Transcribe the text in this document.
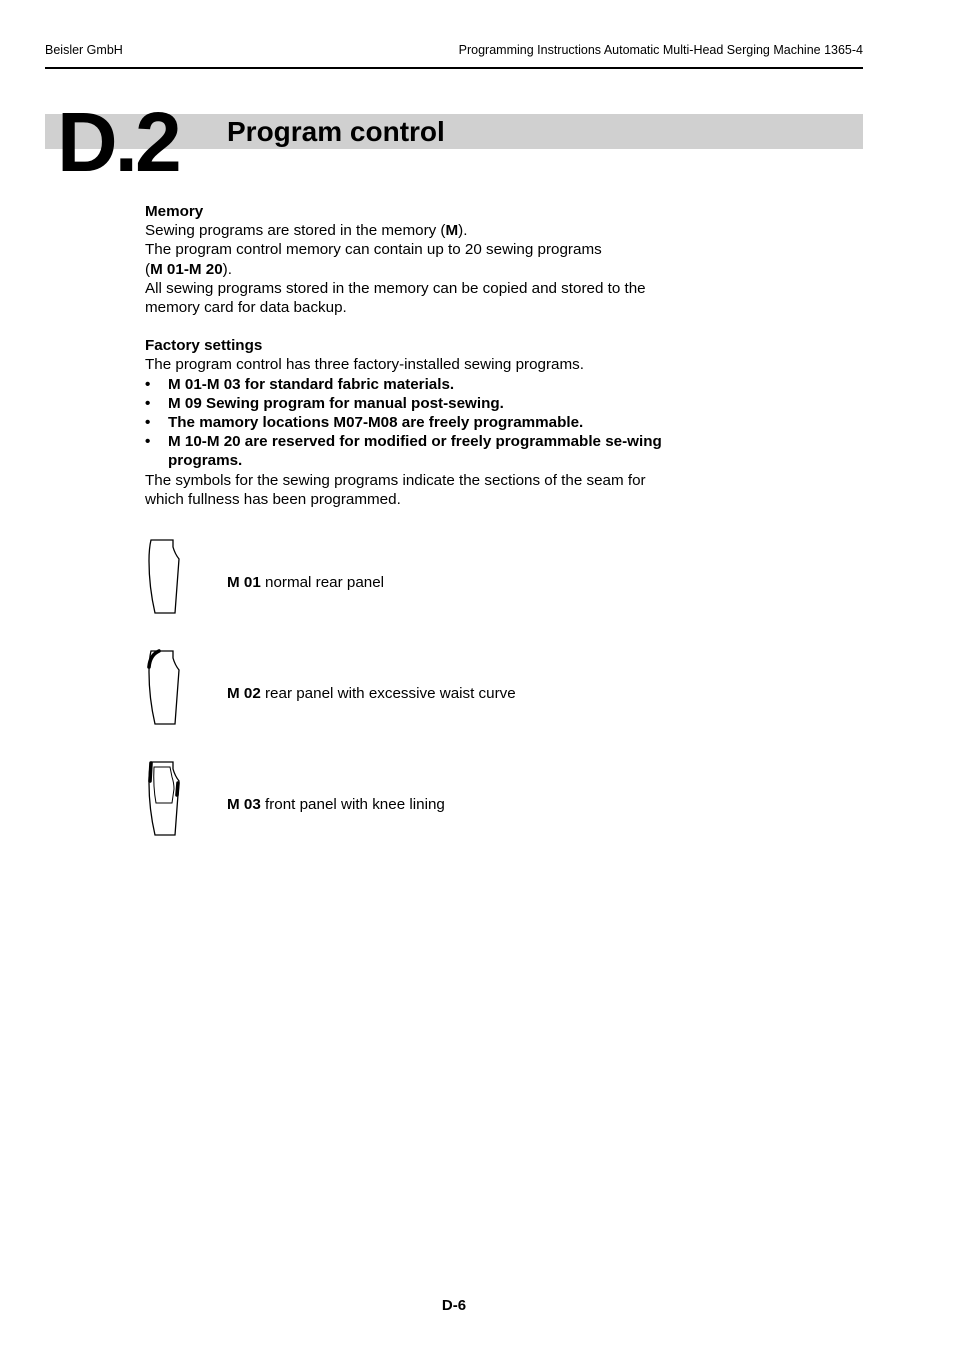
Beisler GmbH	Programming Instructions Automatic Multi-Head Serging Machine 1365-4
D.2 Program control

Memory

Sewing programs are stored in the memory (M).

The program control memory can contain up to 20 sewing programs

(M 01-M 20).

All sewing programs stored in the memory can be copied and stored to the memory card for data backup.

Factory settings

The program control has three factory-installed sewing programs.

• M 01-M 03 for standard fabric materials.
• M 09 Sewing program for manual post-sewing.
• The mamory locations M07-M08 are freely programmable.
• M 10-M 20 are reserved for modified or freely programmable se-wing programs.

The symbols for the sewing programs indicate the sections of the seam for which fullness has been programmed.

M 01 normal rear panel
M 02 rear panel with excessive waist curve
M 03 front panel with knee lining
D-6
